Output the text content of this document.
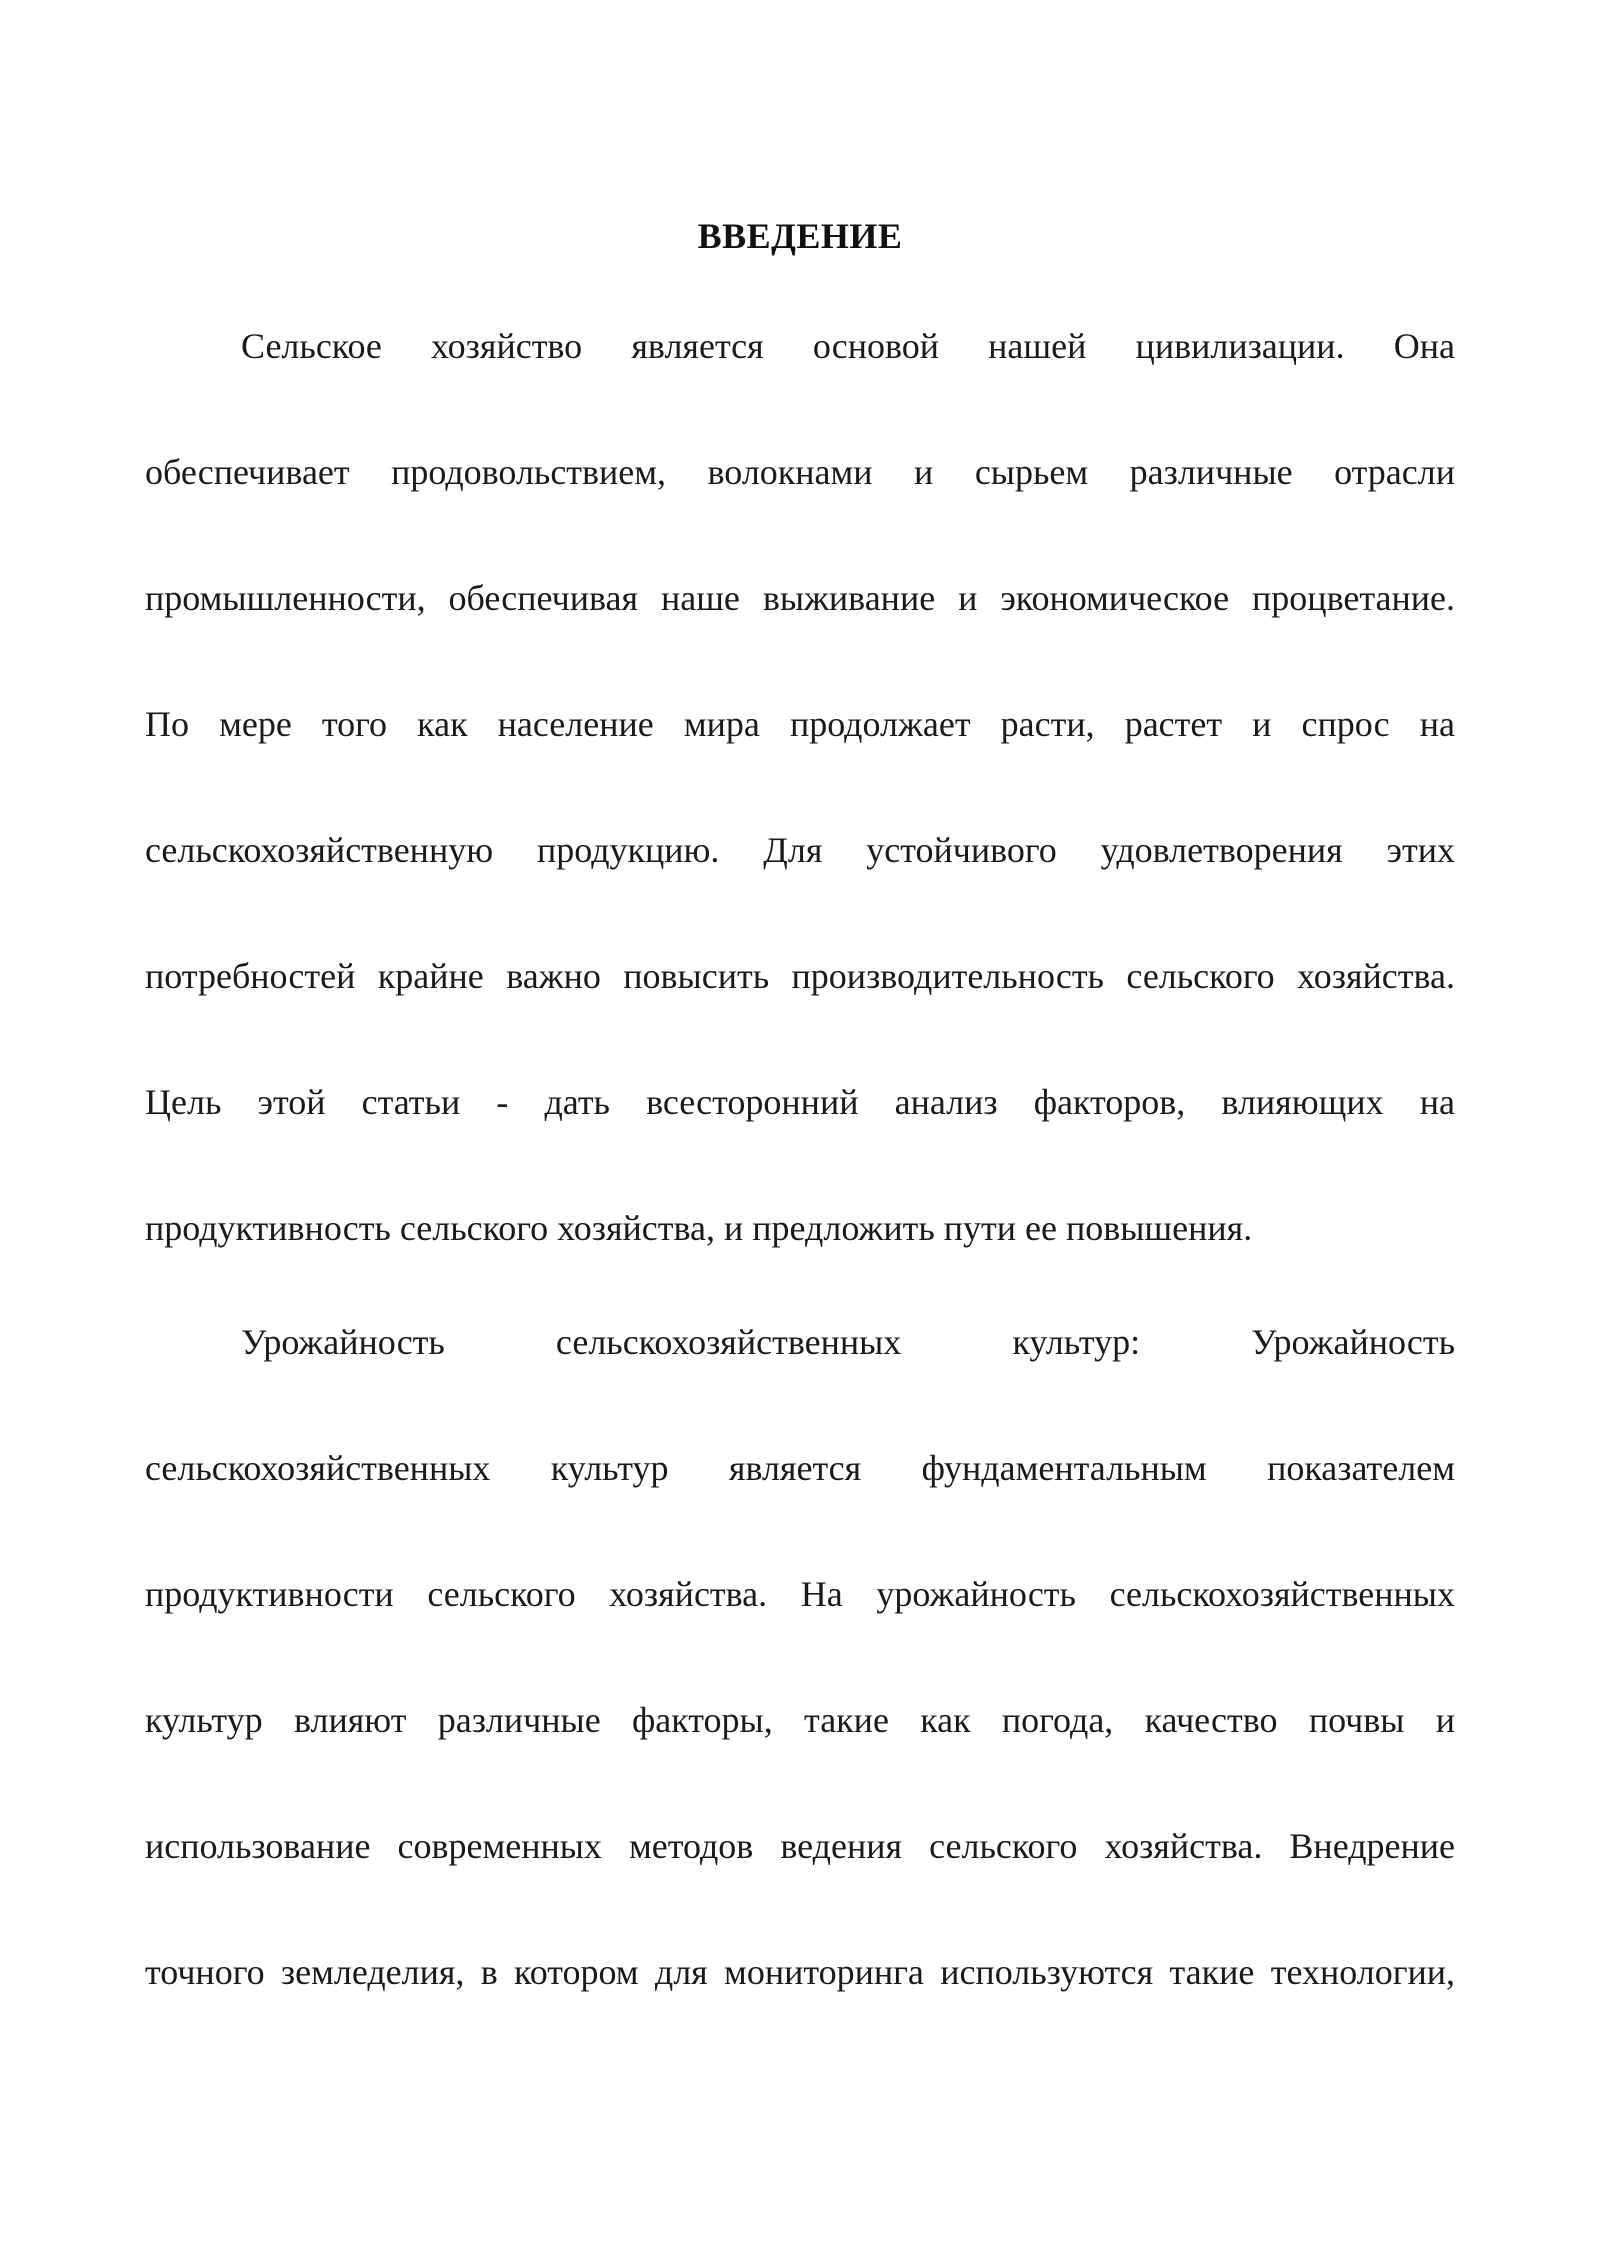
ВВЕДЕНИЕ
Сельское хозяйство является основой нашей цивилизации. Она
обеспечивает продовольствием, волокнами и сырьем различные отрасли
промышленности, обеспечивая наше выживание и экономическое процветание.
По мере того как население мира продолжает расти, растет и спрос на
сельскохозяйственную продукцию. Для устойчивого удовлетворения этих
потребностей крайне важно повысить производительность сельского хозяйства.
Цель этой статьи - дать всесторонний анализ факторов, влияющих на
продуктивность сельского хозяйства, и предложить пути ее повышения.
Урожайность сельскохозяйственных культур: Урожайность
сельскохозяйственных культур является фундаментальным показателем
продуктивности сельского хозяйства. На урожайность сельскохозяйственных
культур влияют различные факторы, такие как погода, качество почвы и
использование современных методов ведения сельского хозяйства. Внедрение
точного земледелия, в котором для мониторинга используются такие технологии,
